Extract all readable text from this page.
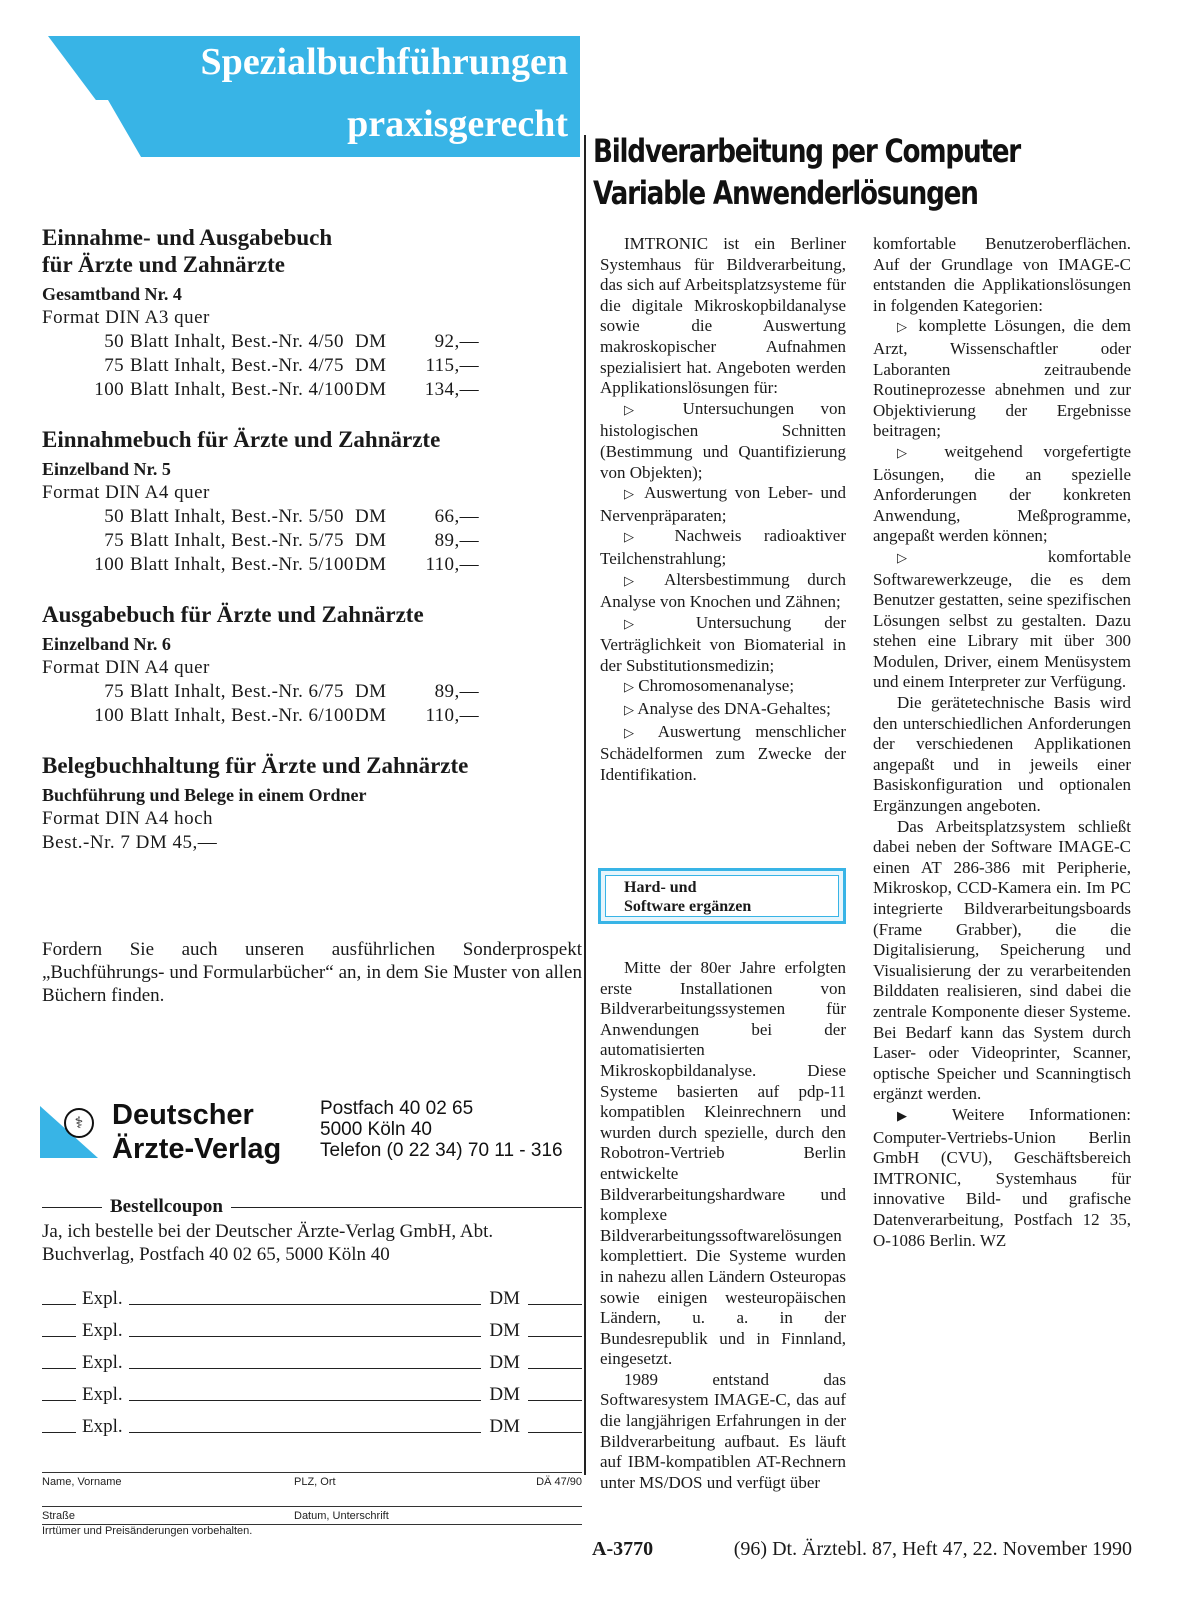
Spezialbuchführungen
praxisgerecht
Einnahme- und Ausgabebuch
für Ärzte und Zahnärzte
Gesamtband Nr. 4
Format DIN A3 quer
50 Blatt Inhalt, Best.-Nr. 4/50 DM	92,—
75 Blatt Inhalt, Best.-Nr. 4/75 DM	115,—
100 Blatt Inhalt, Best.-Nr. 4/100 DM	134,—
Einnahmebuch für Ärzte und Zahnärzte
Einzelband Nr. 5
Format DIN A4 quer
50 Blatt Inhalt, Best.-Nr. 5/50 DM	66,—
75 Blatt Inhalt, Best.-Nr. 5/75 DM	89,—
100 Blatt Inhalt, Best.-Nr. 5/100 DM	110,—
Ausgabebuch für Ärzte und Zahnärzte
Einzelband Nr. 6
Format DIN A4 quer
75 Blatt Inhalt, Best.-Nr. 6/75 DM	89,—
100 Blatt Inhalt, Best.-Nr. 6/100 DM	110,—
Belegbuchhaltung für Ärzte und Zahnärzte
Buchführung und Belege in einem Ordner
Format DIN A4 hoch
Best.-Nr. 7 DM 45,—
Fordern Sie auch unseren ausführlichen Sonderprospekt „Buchführungs- und Formularbücher“ an, in dem Sie Muster von allen Büchern finden.
⚕ Deutscher
Ärzte-Verlag
Postfach 40 02 65
5000 Köln 40
Telefon (0 22 34) 70 11 - 316
Bestellcoupon
Ja, ich bestelle bei der Deutscher Ärzte-Verlag GmbH, Abt. Buchverlag, Postfach 40 02 65, 5000 Köln 40
Expl.	DM
Expl.	DM
Expl.	DM
Expl.	DM
Expl.	DM
Name, Vorname	PLZ, Ort	DÄ 47/90
Straße	Datum, Unterschrift
Irrtümer und Preisänderungen vorbehalten.
Bildverarbeitung per Computer
Variable Anwenderlösungen

IMTRONIC ist ein Berliner Systemhaus für Bildverarbeitung, das sich auf Arbeitsplatzsysteme für die digitale Mikroskopbildanalyse sowie die Auswertung makroskopischer Aufnahmen spezialisiert hat. Angeboten werden Applikationslösungen für:

▷ Untersuchungen von histologischen Schnitten (Bestimmung und Quantifizierung von Objekten);

▷ Auswertung von Leber- und Nervenpräparaten;

▷ Nachweis radioaktiver Teilchenstrahlung;

▷ Altersbestimmung durch Analyse von Knochen und Zähnen;

▷ Untersuchung der Verträglichkeit von Biomaterial in der Substitutionsmedizin;

▷ Chromosomenanalyse;

▷ Analyse des DNA-Gehaltes;

▷ Auswertung menschlicher Schädelformen zum Zwecke der Identifikation.

Hard- und
Software ergänzen

Mitte der 80er Jahre erfolgten erste Installationen von Bildverarbeitungssystemen für Anwendungen bei der automatisierten Mikroskopbildanalyse. Diese Systeme basierten auf pdp-11 kompatiblen Kleinrechnern und wurden durch spezielle, durch den Robotron-Vertrieb Berlin entwickelte Bildverarbeitungshardware und komplexe Bildverarbeitungssoftwarelösungen komplettiert. Die Systeme wurden in nahezu allen Ländern Osteuropas sowie einigen westeuropäischen Ländern, u. a. in der Bundesrepublik und in Finnland, eingesetzt.

1989 entstand das Softwaresystem IMAGE-C, das auf die langjährigen Erfahrungen in der Bildverarbeitung aufbaut. Es läuft auf IBM-kompatiblen AT-Rechnern unter MS/DOS und verfügt über

komfortable Benutzeroberflächen. Auf der Grundlage von IMAGE-C entstanden die Applikationslösungen in folgenden Kategorien:

▷ komplette Lösungen, die dem Arzt, Wissenschaftler oder Laboranten zeitraubende Routineprozesse abnehmen und zur Objektivierung der Ergebnisse beitragen;

▷ weitgehend vorgefertigte Lösungen, die an spezielle Anforderungen der konkreten Anwendung, Meßprogramme, angepaßt werden können;

▷	komfortable Softwarewerkzeuge, die es dem Benutzer gestatten, seine spezifischen Lösungen selbst zu gestalten. Dazu stehen eine Library mit über 300 Modulen, Driver, einem Menüsystem und einem Interpreter zur Verfügung.

Die gerätetechnische Basis wird den unterschiedlichen Anforderungen der verschiedenen Applikationen angepaßt und in jeweils einer Basiskonfiguration und optionalen Ergänzungen angeboten.

Das Arbeitsplatzsystem schließt dabei neben der Software IMAGE-C einen AT 286-386 mit Peripherie, Mikroskop, CCD-Kamera ein. Im PC integrierte Bildverarbeitungsboards (Frame Grabber), die die Digitalisierung, Speicherung und Visualisierung der zu verarbeitenden Bilddaten realisieren, sind dabei die zentrale Komponente dieser Systeme. Bei Bedarf kann das System durch Laser- oder Videoprinter, Scanner, optische Speicher und Scanningtisch ergänzt werden.

▶ Weitere Informationen: Computer-Vertriebs-Union Berlin GmbH (CVU), Geschäftsbereich IMTRONIC, Systemhaus für innovative Bild- und grafische Datenverarbeitung, Postfach 12 35, O-1086 Berlin. WZ

A-3770	(96) Dt. Ärztebl. 87, Heft 47, 22. November 1990
